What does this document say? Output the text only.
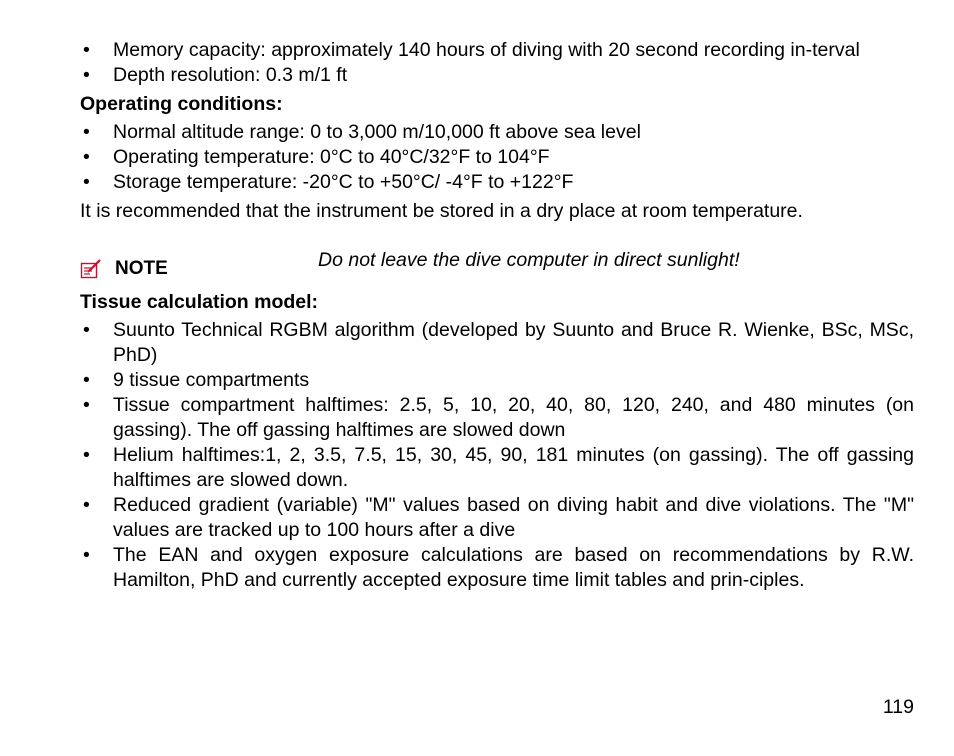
• Memory capacity: approximately 140 hours of diving with 20 second recording in-terval
• Depth resolution: 0.3 m/1 ft
Operating conditions:
• Normal altitude range: 0 to 3,000 m/10,000 ft above sea level
• Operating temperature: 0°C to 40°C/32°F to 104°F
• Storage temperature: -20°C to +50°C/ -4°F to +122°F
It is recommended that the instrument be stored in a dry place at room temperature.
NOTE	Do not leave the dive computer in direct sunlight!
Tissue calculation model:
• Suunto Technical RGBM algorithm (developed by Suunto and Bruce R. Wienke, BSc, MSc, PhD)
• 9 tissue compartments
• Tissue compartment halftimes: 2.5, 5, 10, 20, 40, 80, 120, 240, and 480 minutes (on gassing). The off gassing halftimes are slowed down
• Helium halftimes:1, 2, 3.5, 7.5, 15, 30, 45, 90, 181 minutes (on gassing). The off gassing halftimes are slowed down.
• Reduced gradient (variable) "M" values based on diving habit and dive violations. The "M" values are tracked up to 100 hours after a dive
• The EAN and oxygen exposure calculations are based on recommendations by R.W. Hamilton, PhD and currently accepted exposure time limit tables and prin-ciples.
119
